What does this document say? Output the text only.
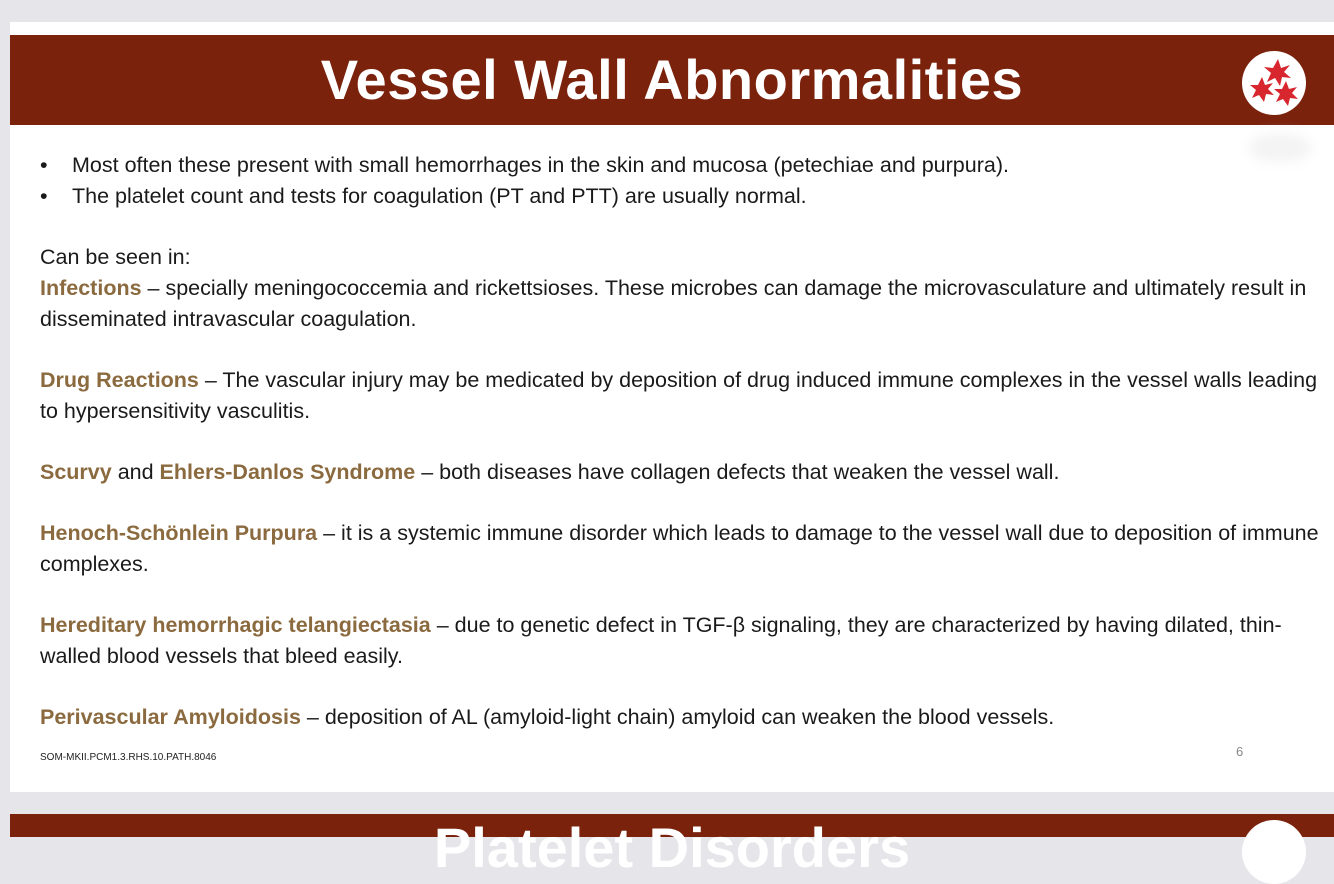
Vessel Wall Abnormalities
• Most often these present with small hemorrhages in the skin and mucosa (petechiae and purpura).
• The platelet count and tests for coagulation (PT and PTT) are usually normal.
Can be seen in:

Infections – specially meningococcemia and rickettsioses. These microbes can damage the microvasculature and ultimately result in disseminated intravascular coagulation.

Drug Reactions – The vascular injury may be medicated by deposition of drug induced immune complexes in the vessel walls leading to hypersensitivity vasculitis.

Scurvy and Ehlers-Danlos Syndrome – both diseases have collagen defects that weaken the vessel wall.

Henoch-Schönlein Purpura – it is a systemic immune disorder which leads to damage to the vessel wall due to deposition of immune complexes.

Hereditary hemorrhagic telangiectasia – due to genetic defect in TGF-β signaling, they are characterized by having dilated, thin-walled blood vessels that bleed easily.

Perivascular Amyloidosis – deposition of AL (amyloid-light chain) amyloid can weaken the blood vessels.

SOM-MKII.PCM1.3.RHS.10.PATH.8046	6
Platelet Disorders
